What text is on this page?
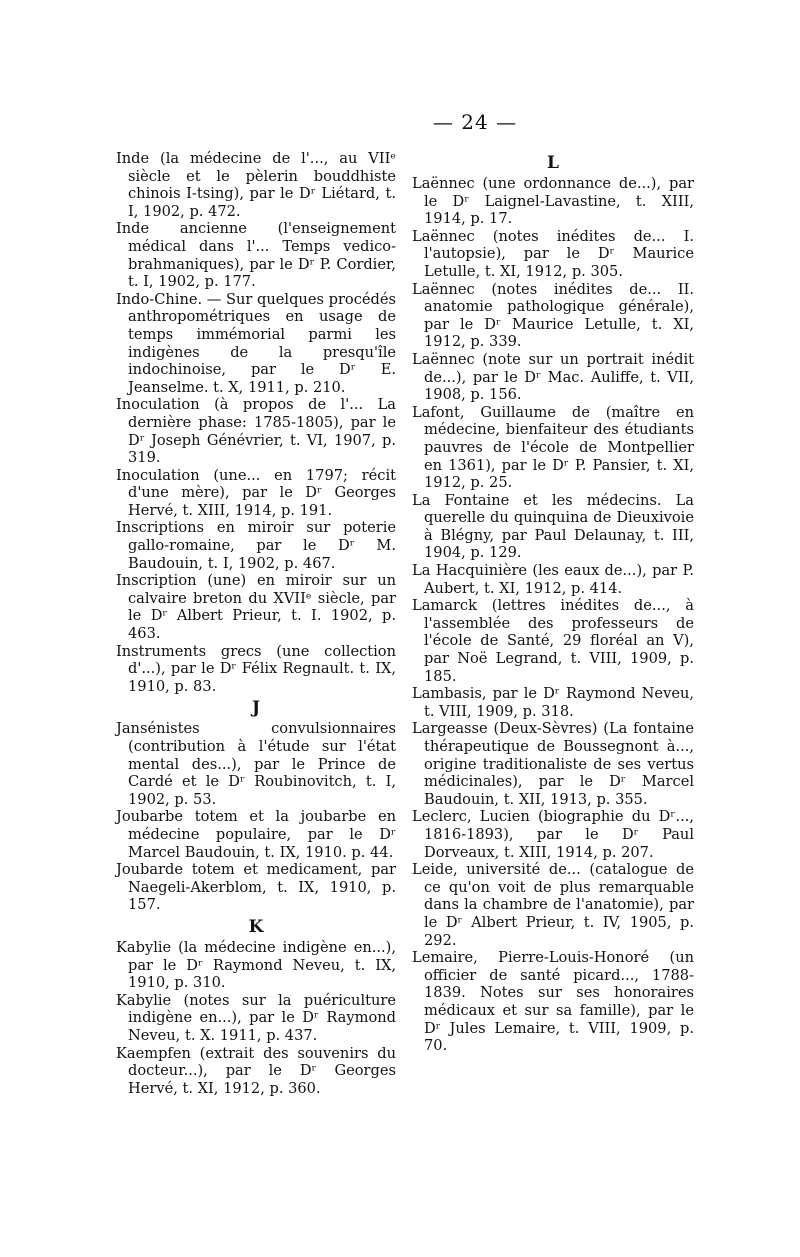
— 24 —
Inde (la médecine de l'..., au VIIᵉ siècle et le pèlerin bouddhiste chinois I-tsing), par le Dʳ Liétard, t. I, 1902, p. 472.
Inde ancienne (l'enseignement médical dans l'... Temps vedico-brahmaniques), par le Dʳ P. Cordier, t. I, 1902, p. 177.
Indo-Chine. — Sur quelques procédés anthropométriques en usage de temps immémorial parmi les indigènes de la presqu'île indochinoise, par le Dʳ E. Jeanselme. t. X, 1911, p. 210.
Inoculation (à propos de l'... La dernière phase: 1785-1805), par le Dʳ Joseph Génévrier, t. VI, 1907, p. 319.
Inoculation (une... en 1797; récit d'une mère), par le Dʳ Georges Hervé, t. XIII, 1914, p. 191.
Inscriptions en miroir sur poterie gallo-romaine, par le Dʳ M. Baudouin, t. I, 1902, p. 467.
Inscription (une) en miroir sur un calvaire breton du XVIIᵉ siècle, par le Dʳ Albert Prieur, t. I. 1902, p. 463.
Instruments grecs (une collection d'...), par le Dʳ Félix Regnault. t. IX, 1910, p. 83.
J
Jansénistes convulsionnaires (contribution à l'étude sur l'état mental des...), par le Prince de Cardé et le Dʳ Roubinovitch, t. I, 1902, p. 53.
Joubarbe totem et la joubarbe en médecine populaire, par le Dʳ Marcel Baudouin, t. IX, 1910. p. 44.
Joubarde totem et medicament, par Naegeli-Akerblom, t. IX, 1910, p. 157.
K
Kabylie (la médecine indigène en...), par le Dʳ Raymond Neveu, t. IX, 1910, p. 310.
Kabylie (notes sur la puériculture indigène en...), par le Dʳ Raymond Neveu, t. X. 1911, p. 437.
Kaempfen (extrait des souvenirs du docteur...), par le Dʳ Georges Hervé, t. XI, 1912, p. 360.
L
Laënnec (une ordonnance de...), par le Dʳ Laignel-Lavastine, t. XIII, 1914, p. 17.
Laënnec (notes inédites de... I. l'autopsie), par le Dʳ Maurice Letulle, t. XI, 1912, p. 305.
Laënnec (notes inédites de... II. anatomie pathologique générale), par le Dʳ Maurice Letulle, t. XI, 1912, p. 339.
Laënnec (note sur un portrait inédit de...), par le Dʳ Mac. Auliffe, t. VII, 1908, p. 156.
Lafont, Guillaume de (maître en médecine, bienfaiteur des étudiants pauvres de l'école de Montpellier en 1361), par le Dʳ P. Pansier, t. XI, 1912, p. 25.
La Fontaine et les médecins. La querelle du quinquina de Dieuxivoie à Blégny, par Paul Delaunay, t. III, 1904, p. 129.
La Hacquinière (les eaux de...), par P. Aubert, t. XI, 1912, p. 414.
Lamarck (lettres inédites de..., à l'assemblée des professeurs de l'école de Santé, 29 floréal an V), par Noë Legrand, t. VIII, 1909, p. 185.
Lambasis, par le Dʳ Raymond Neveu, t. VIII, 1909, p. 318.
Largeasse (Deux-Sèvres) (La fontaine thérapeutique de Boussegnont à..., origine traditionaliste de ses vertus médicinales), par le Dʳ Marcel Baudouin, t. XII, 1913, p. 355.
Leclerc, Lucien (biographie du Dʳ..., 1816-1893), par le Dʳ Paul Dorveaux, t. XIII, 1914, p. 207.
Leide, université de... (catalogue de ce qu'on voit de plus remarquable dans la chambre de l'anatomie), par le Dʳ Albert Prieur, t. IV, 1905, p. 292.
Lemaire, Pierre-Louis-Honoré (un officier de santé picard..., 1788-1839. Notes sur ses honoraires médicaux et sur sa famille), par le Dʳ Jules Lemaire, t. VIII, 1909, p. 70.
